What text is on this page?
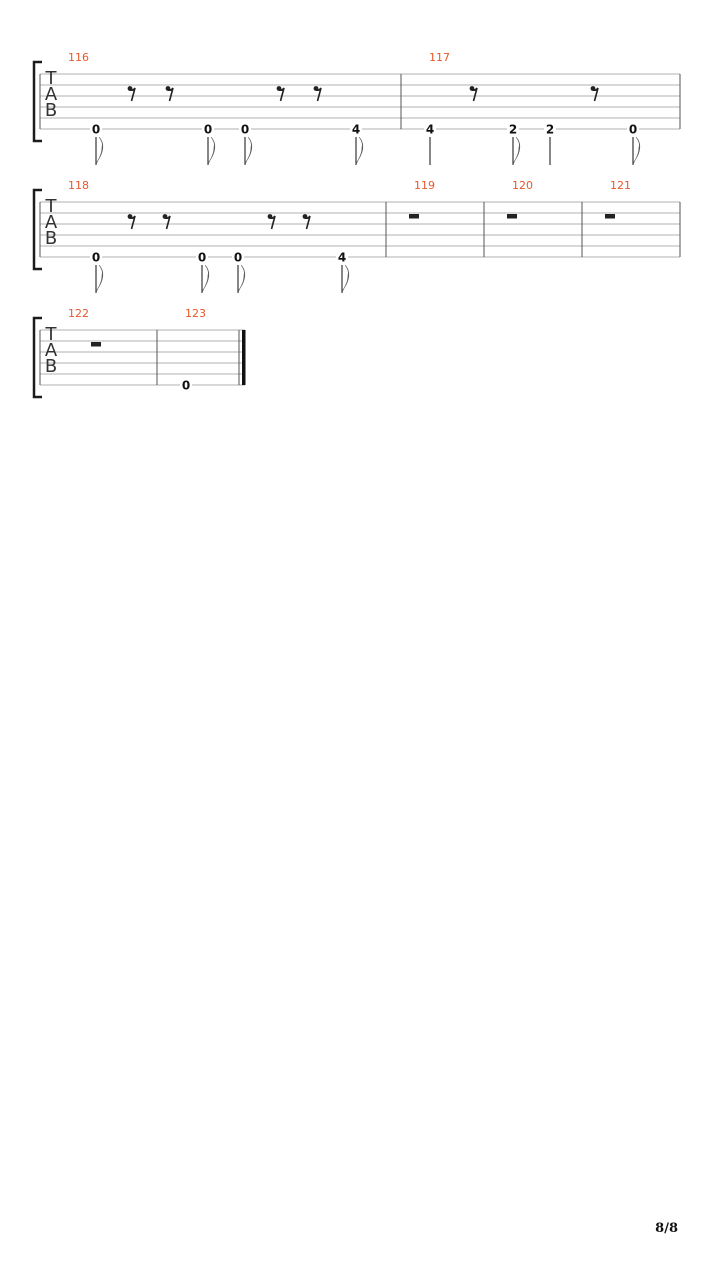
T
A
B
116
0	0 0	4
117
4	2 2	0
T
A
B
118
0	0 0	4
119	120	121
T
A
B
122	123
0
8/8
